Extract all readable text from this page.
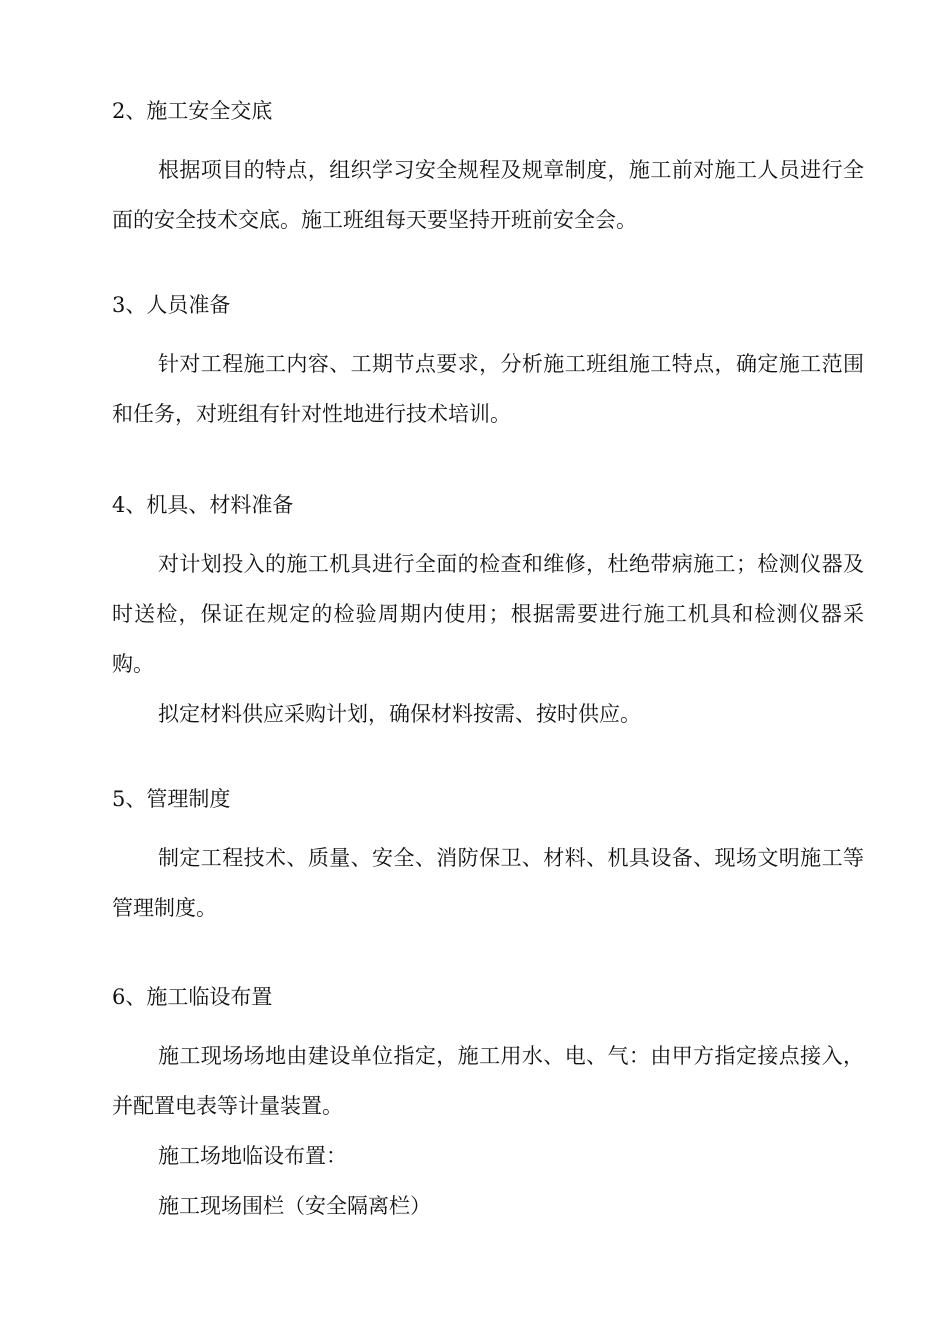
2、施工安全交底

根据项目的特点，组织学习安全规程及规章制度，施工前对施工人员进行全面的安全技术交底。施工班组每天要坚持开班前安全会。

3、人员准备

针对工程施工内容、工期节点要求，分析施工班组施工特点，确定施工范围和任务，对班组有针对性地进行技术培训。

4、机具、材料准备

对计划投入的施工机具进行全面的检查和维修，杜绝带病施工；检测仪器及时送检，保证在规定的检验周期内使用；根据需要进行施工机具和检测仪器采购。

拟定材料供应采购计划，确保材料按需、按时供应。

5、管理制度

制定工程技术、质量、安全、消防保卫、材料、机具设备、现场文明施工等管理制度。

6、施工临设布置

施工现场场地由建设单位指定，施工用水、电、气：由甲方指定接点接入，并配置电表等计量装置。

施工场地临设布置：

施工现场围栏（安全隔离栏）
